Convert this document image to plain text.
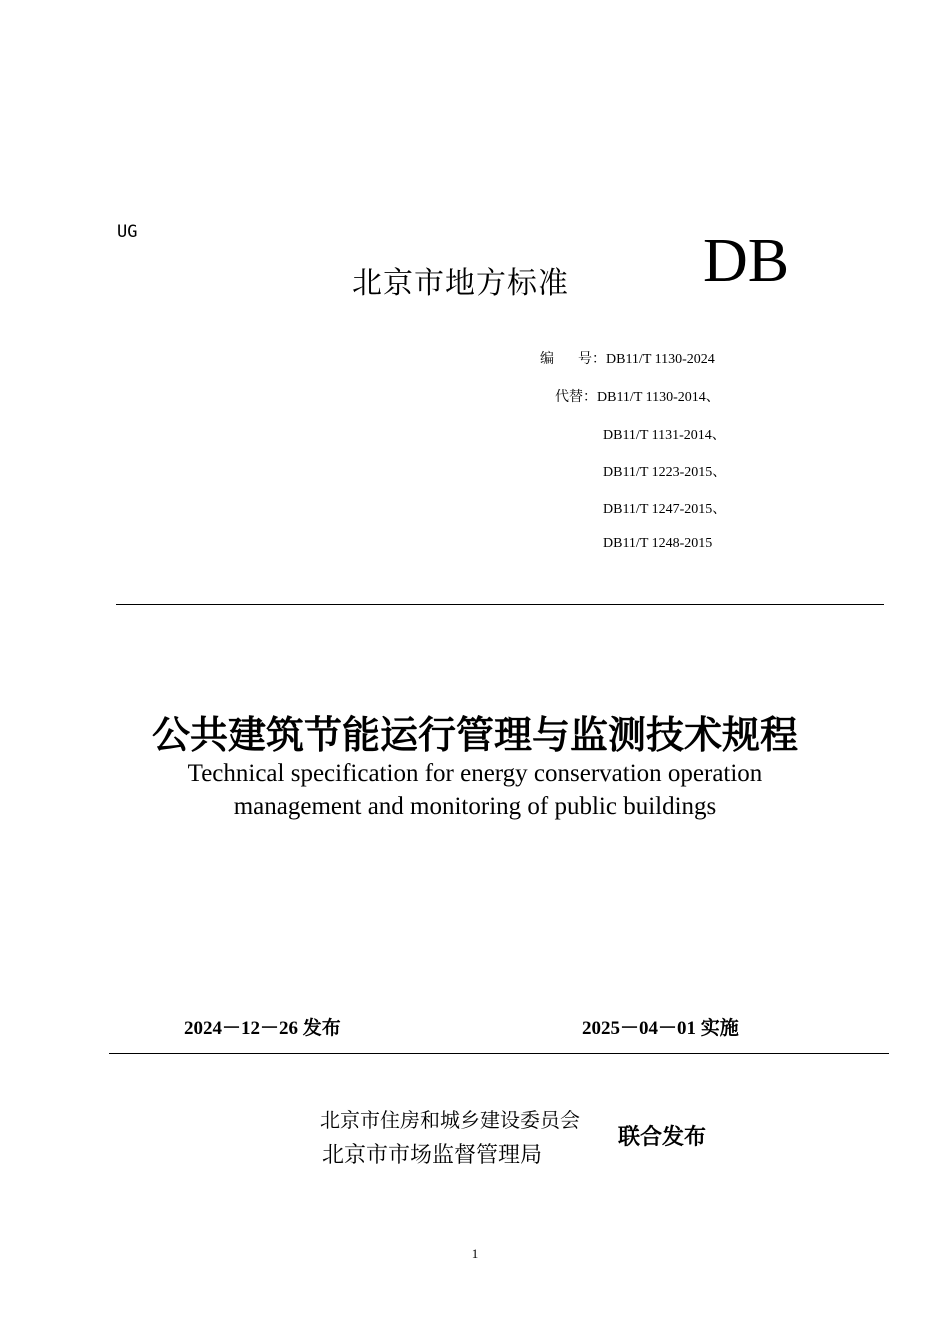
UG
北京市地方标准 DB
编 号：DB11/T 1130-2024
代替：DB11/T 1130-2014、
DB11/T 1131-2014、
DB11/T 1223-2015、
DB11/T 1247-2015、
DB11/T 1248-2015
公共建筑节能运行管理与监测技术规程
Technical specification for energy conservation operation
management and monitoring of public buildings
2024－12－26 发布	2025－04－01 实施
北京市住房和城乡建设委员会
北京市市场监督管理局
联合发布
1
